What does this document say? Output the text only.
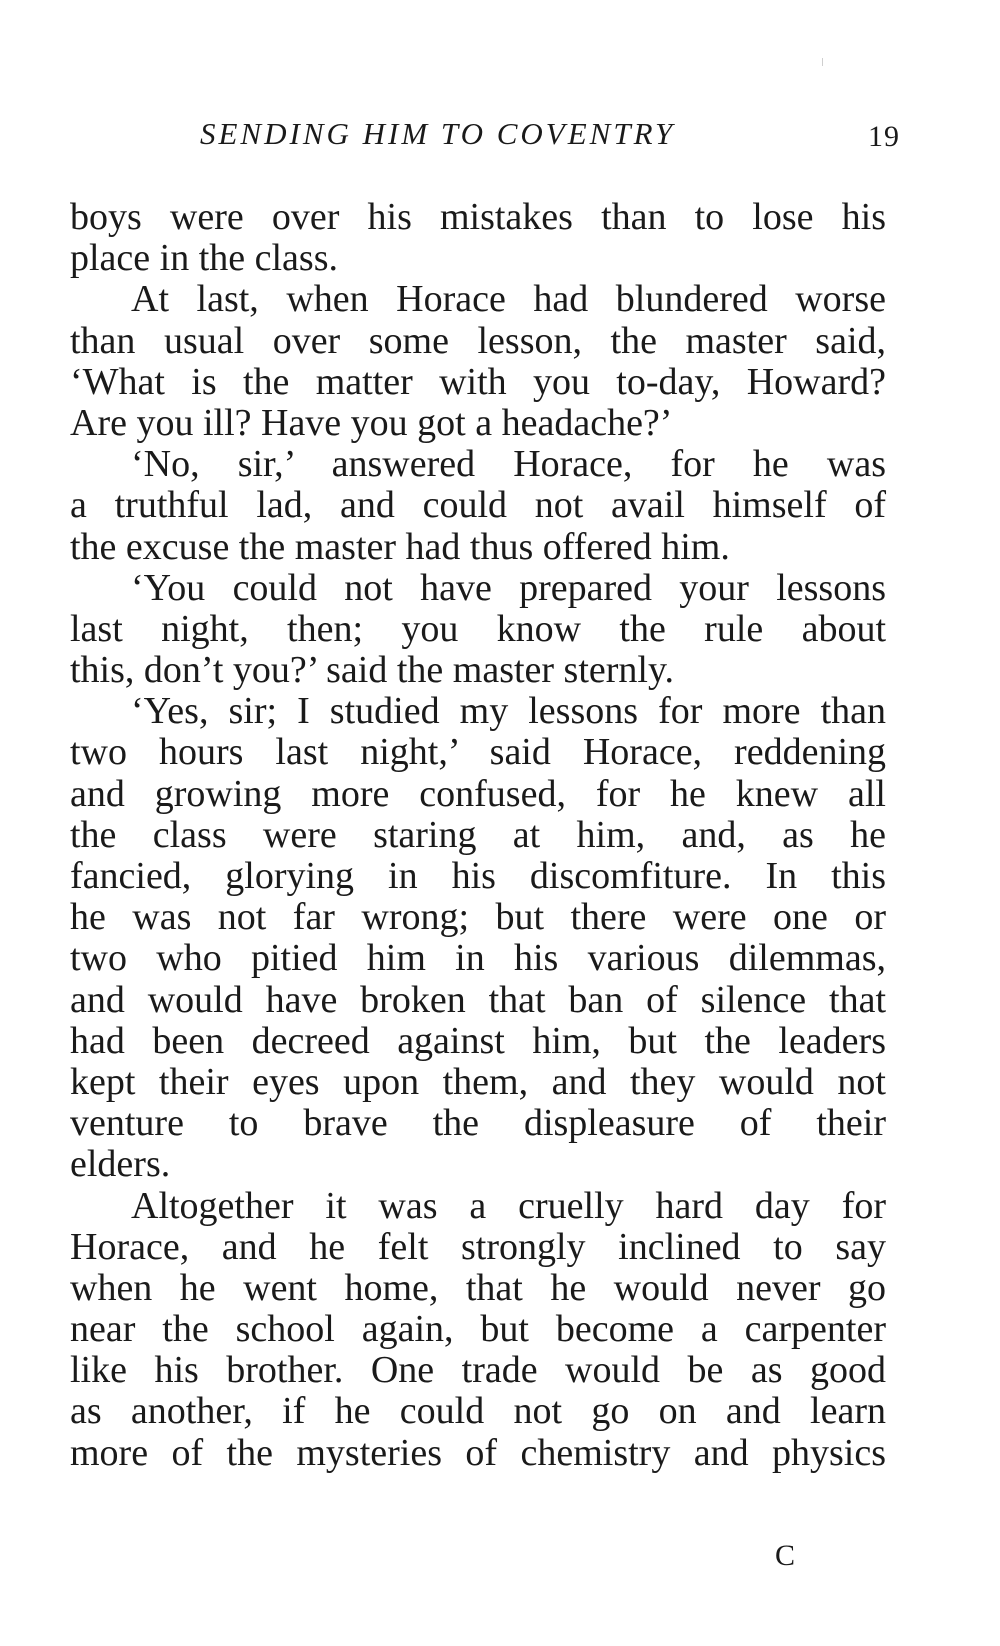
SENDING HIM TO COVENTRY	19
boys were over his mistakes than to lose his
place in the class.
At last, when Horace had blundered worse
than usual over some lesson, the master said,
‘What is the matter with you to-day, Howard?
Are you ill? Have you got a headache?’
‘No, sir,’ answered Horace, for he was
a truthful lad, and could not avail himself of
the excuse the master had thus offered him.
‘You could not have prepared your lessons
last night, then; you know the rule about
this, don’t you?’ said the master sternly.
‘Yes, sir; I studied my lessons for more than
two hours last night,’ said Horace, reddening
and growing more confused, for he knew all
the class were staring at him, and, as he
fancied, glorying in his discomfiture. In this
he was not far wrong; but there were one or
two who pitied him in his various dilemmas,
and would have broken that ban of silence that
had been decreed against him, but the leaders
kept their eyes upon them, and they would not
venture to brave the displeasure of their
elders.
Altogether it was a cruelly hard day for
Horace, and he felt strongly inclined to say
when he went home, that he would never go
near the school again, but become a carpenter
like his brother. One trade would be as good
as another, if he could not go on and learn
more of the mysteries of chemistry and physics
C
